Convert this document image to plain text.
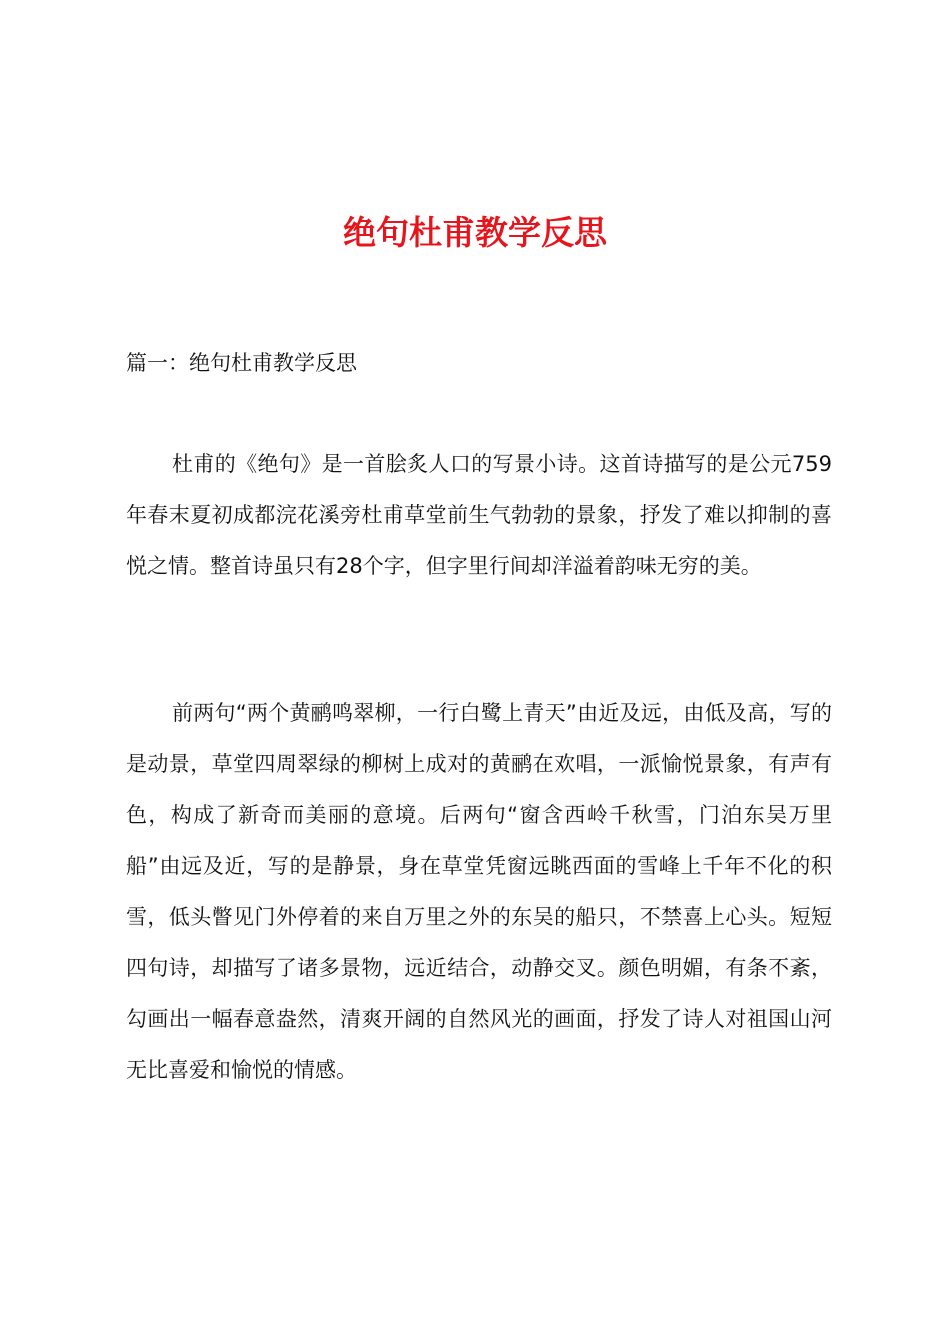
绝句杜甫教学反思

篇一：绝句杜甫教学反思

杜甫的《绝句》是一首脍炙人口的写景小诗。这首诗描写的是公元759年春末夏初成都浣花溪旁杜甫草堂前生气勃勃的景象，抒发了难以抑制的喜悦之情。整首诗虽只有28个字，但字里行间却洋溢着韵味无穷的美。

前两句“两个黄鹂鸣翠柳，一行白鹭上青天”由近及远，由低及高，写的是动景，草堂四周翠绿的柳树上成对的黄鹂在欢唱，一派愉悦景象，有声有色，构成了新奇而美丽的意境。后两句“窗含西岭千秋雪，门泊东吴万里船”由远及近，写的是静景，身在草堂凭窗远眺西面的雪峰上千年不化的积雪，低头瞥见门外停着的来自万里之外的东吴的船只，不禁喜上心头。短短四句诗，却描写了诸多景物，远近结合，动静交叉。颜色明媚，有条不紊，勾画出一幅春意盎然，清爽开阔的自然风光的画面，抒发了诗人对祖国山河无比喜爱和愉悦的情感。
